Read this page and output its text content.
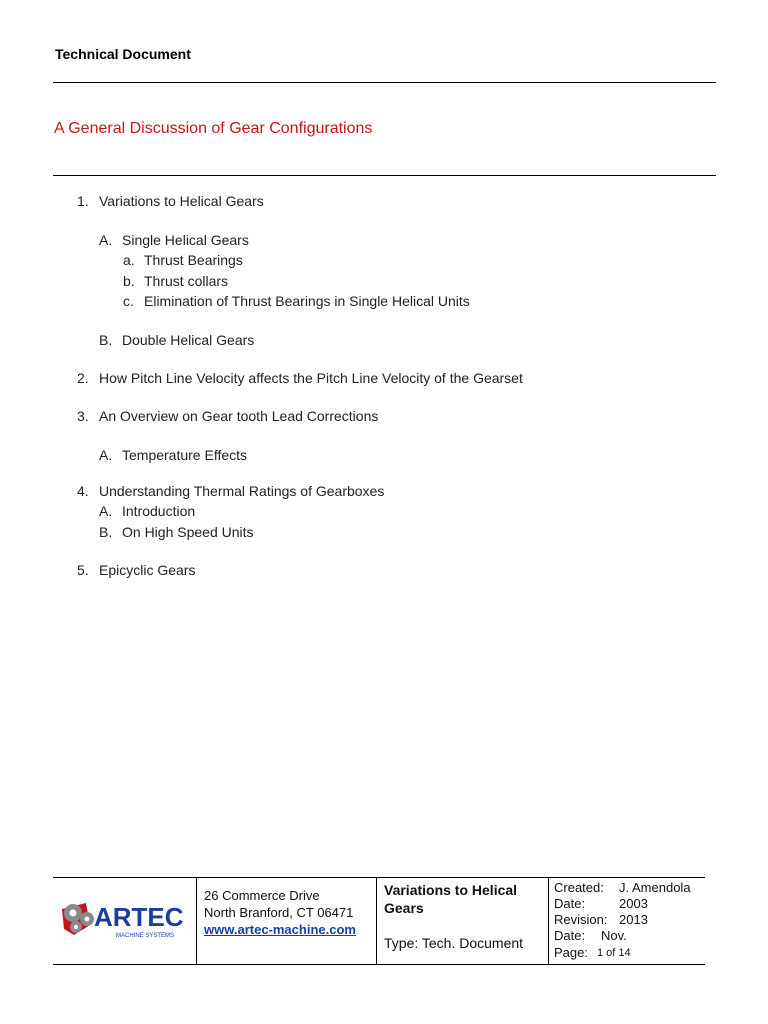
Technical Document
A General Discussion of Gear Configurations
1. Variations to Helical Gears
A. Single Helical Gears
a. Thrust Bearings
b. Thrust collars
c. Elimination of Thrust Bearings in Single Helical Units
B. Double Helical Gears
2. How Pitch Line Velocity affects the Pitch Line Velocity of the Gearset
3. An Overview on Gear tooth Lead Corrections
A. Temperature Effects
4. Understanding Thermal Ratings of Gearboxes
A. Introduction
B. On High Speed Units
5. Epicyclic Gears
ARTEC
MACHINE SYSTEMS
26 Commerce Drive
North Branford, CT 06471
www.artec-machine.com
Variations to Helical Gears
Type: Tech. Document
Created: J. Amendola
Date:	2003
Revision: 2013
Date: Nov.
Page: 1 of 14
